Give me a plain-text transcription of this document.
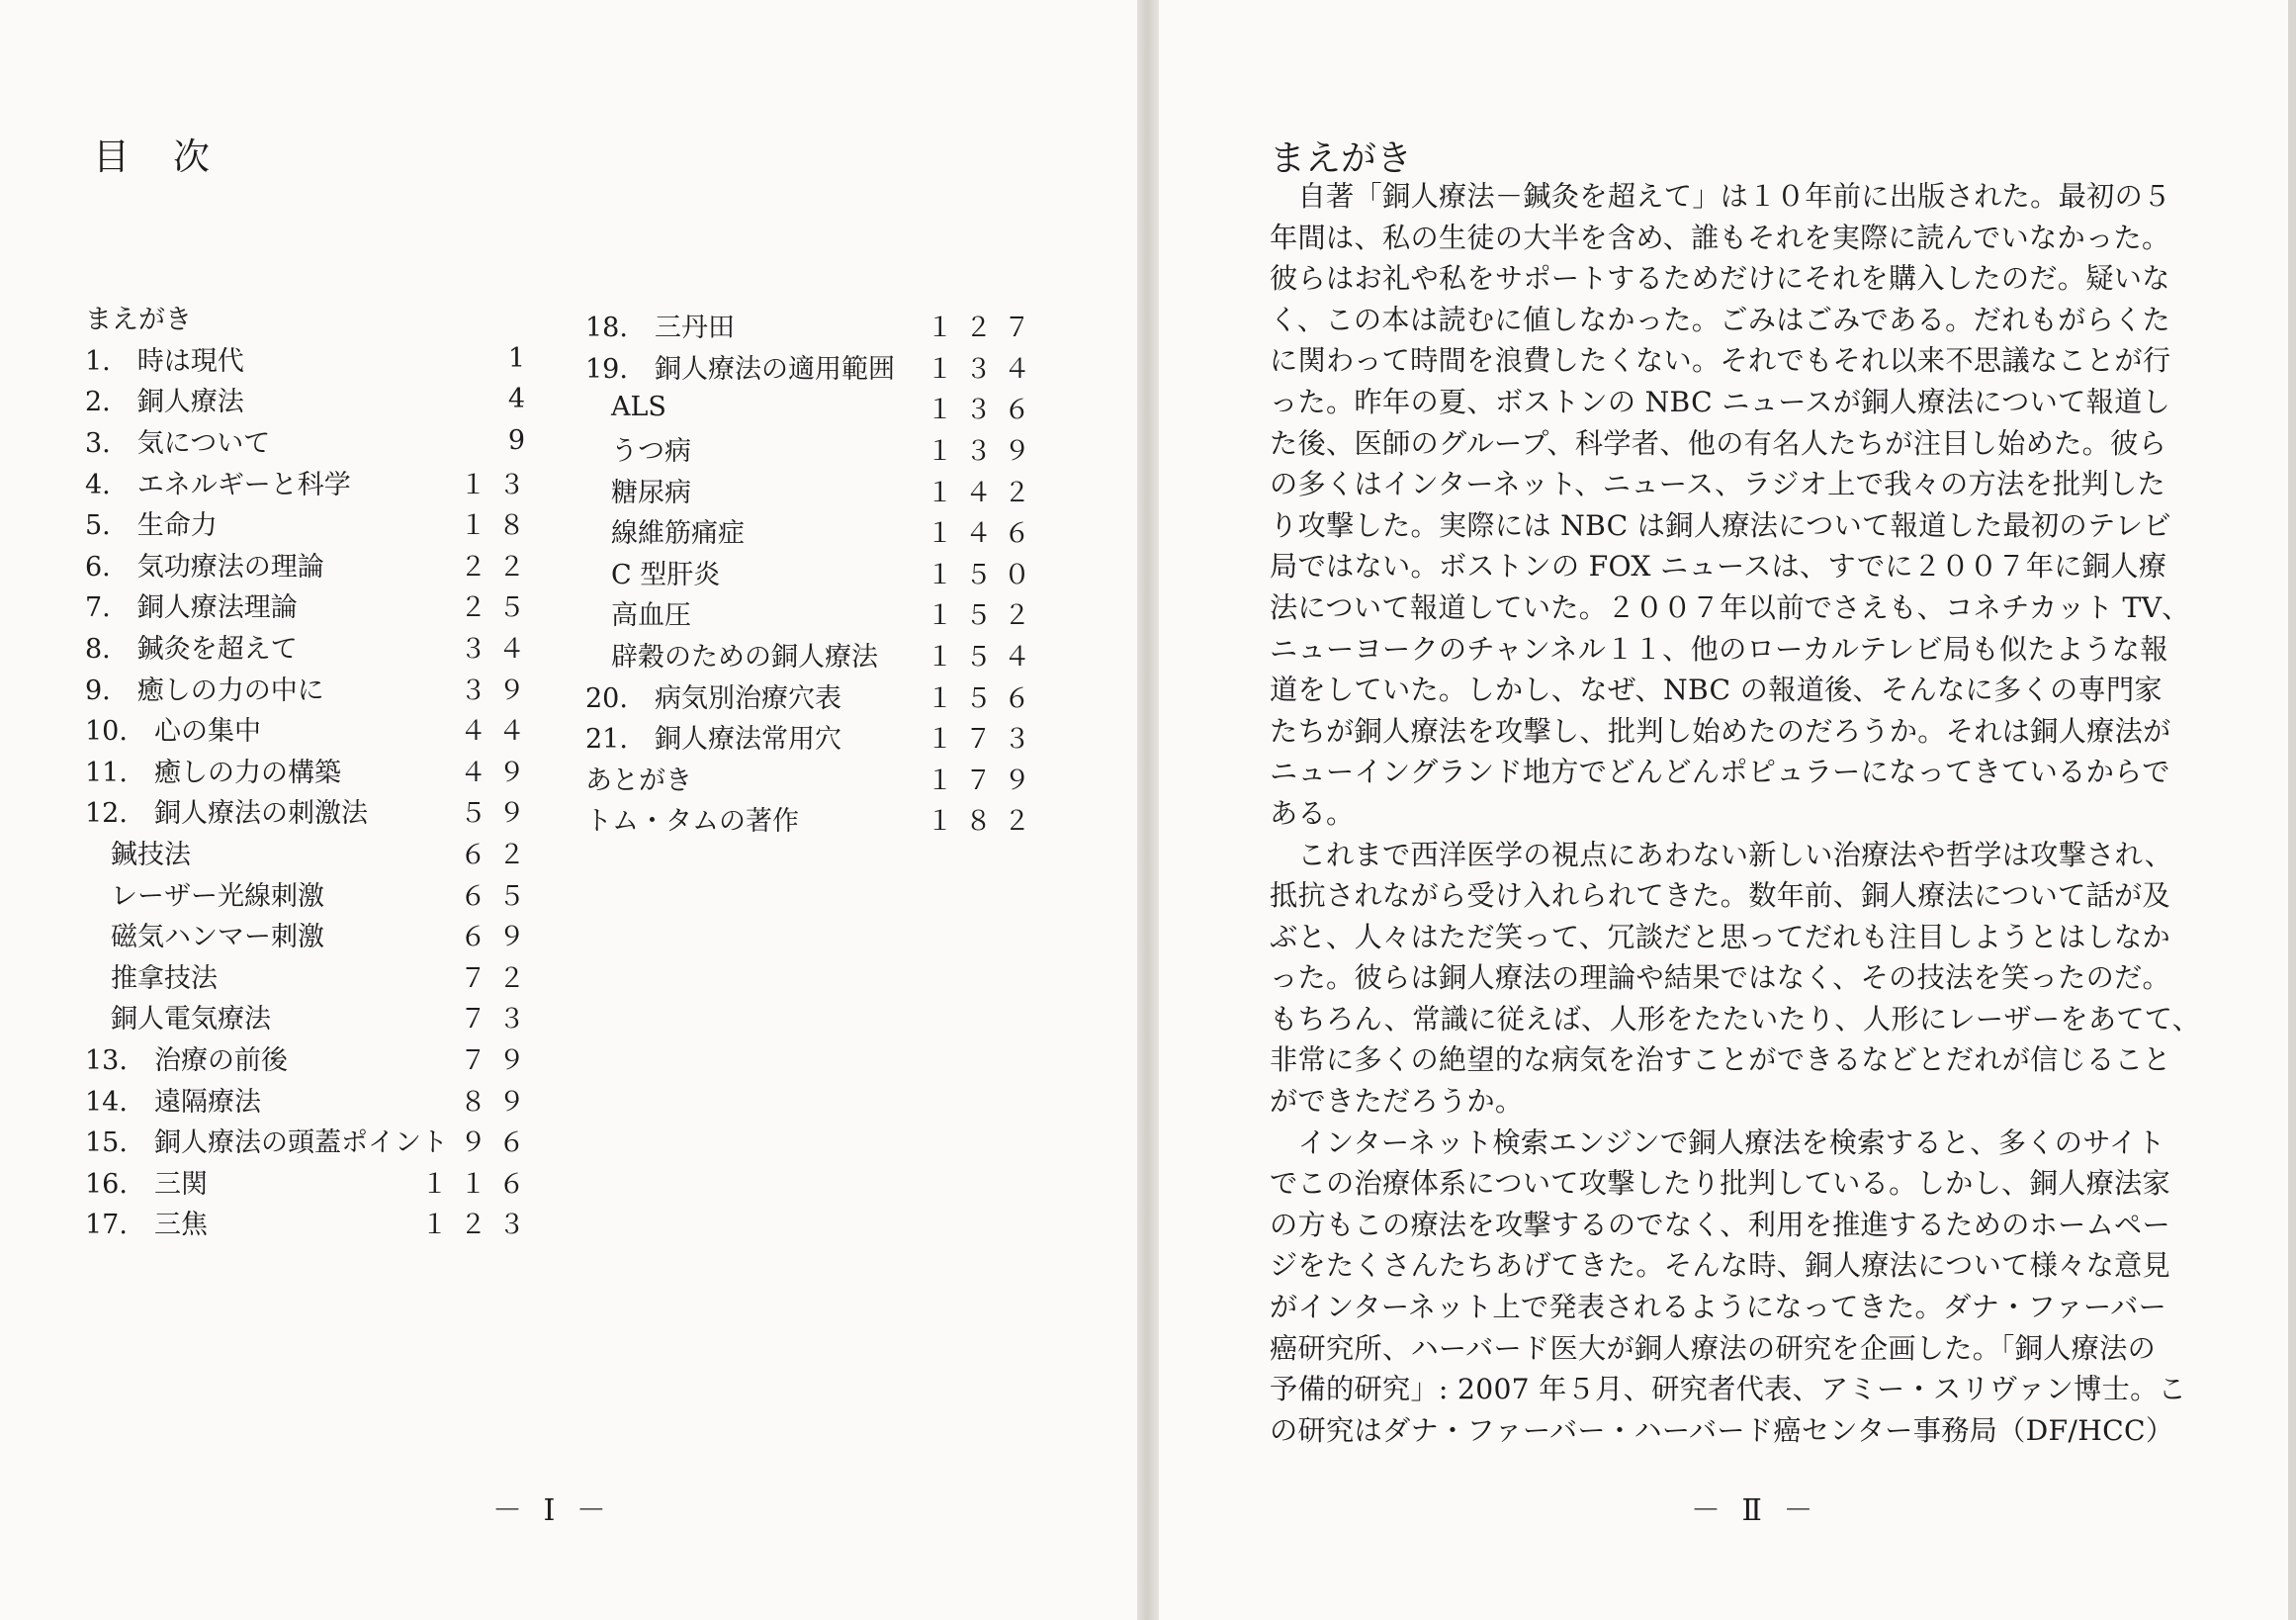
目 次
まえがき
1.　時は現代	1
2.　銅人療法	4
3.　気について	9
4.　エネルギーと科学	１３
5.　生命力	１８
6.　気功療法の理論	２２
7.　銅人療法理論	２５
8.　鍼灸を超えて	３４
9.　癒しの力の中に	３９
10.　心の集中	４４
11.　癒しの力の構築	４９
12.　銅人療法の刺激法	５９
鍼技法	６２
レーザー光線刺激	６５
磁気ハンマー刺激	６９
推拿技法	７２
銅人電気療法	７３
13.　治療の前後	７９
14.　遠隔療法	８９
15.　銅人療法の頭蓋ポイント ９６
16.　三関	１１６
17.　三焦	１２３
18.　三丹田	１２７
19.　銅人療法の適用範囲 １３４
ALS	１３６
うつ病	１３９
糖尿病	１４２
線維筋痛症	１４６
C 型肝炎	１５０
高血圧	１５２
辟穀のための銅人療法 １５４
20.　病気別治療穴表	１５６
21.　銅人療法常用穴	１７３
あとがき	１７９
トム・タムの著作	１８２
－ Ⅰ －
まえがき
　自著「銅人療法－鍼灸を超えて」は１０年前に出版された。最初の５
年間は、私の生徒の大半を含め、誰もそれを実際に読んでいなかった。
彼らはお礼や私をサポートするためだけにそれを購入したのだ。疑いな
く、この本は読むに値しなかった。ごみはごみである。だれもがらくた
に関わって時間を浪費したくない。それでもそれ以来不思議なことが行
った。昨年の夏、ボストンの NBC ニュースが銅人療法について報道し
た後、医師のグループ、科学者、他の有名人たちが注目し始めた。彼ら
の多くはインターネット、ニュース、ラジオ上で我々の方法を批判した
り攻撃した。実際には NBC は銅人療法について報道した最初のテレビ
局ではない。ボストンの FOX ニュースは、すでに２００７年に銅人療
法について報道していた。２００７年以前でさえも、コネチカット TV、
ニューヨークのチャンネル１１、他のローカルテレビ局も似たような報
道をしていた。しかし、なぜ、NBC の報道後、そんなに多くの専門家
たちが銅人療法を攻撃し、批判し始めたのだろうか。それは銅人療法が
ニューイングランド地方でどんどんポピュラーになってきているからで
ある。
　これまで西洋医学の視点にあわない新しい治療法や哲学は攻撃され、
抵抗されながら受け入れられてきた。数年前、銅人療法について話が及
ぶと、人々はただ笑って、冗談だと思ってだれも注目しようとはしなか
った。彼らは銅人療法の理論や結果ではなく、その技法を笑ったのだ。
もちろん、常識に従えば、人形をたたいたり、人形にレーザーをあてて、
非常に多くの絶望的な病気を治すことができるなどとだれが信じること
ができただろうか。
　インターネット検索エンジンで銅人療法を検索すると、多くのサイト
でこの治療体系について攻撃したり批判している。しかし、銅人療法家
の方もこの療法を攻撃するのでなく、利用を推進するためのホームペー
ジをたくさんたちあげてきた。そんな時、銅人療法について様々な意見
がインターネット上で発表されるようになってきた。ダナ・ファーバー
癌研究所、ハーバード医大が銅人療法の研究を企画した。「銅人療法の
予備的研究」: 2007 年５月、研究者代表、アミー・スリヴァン博士。こ
の研究はダナ・ファーバー・ハーバード癌センター事務局（DF/HCC）
－ Ⅱ －
